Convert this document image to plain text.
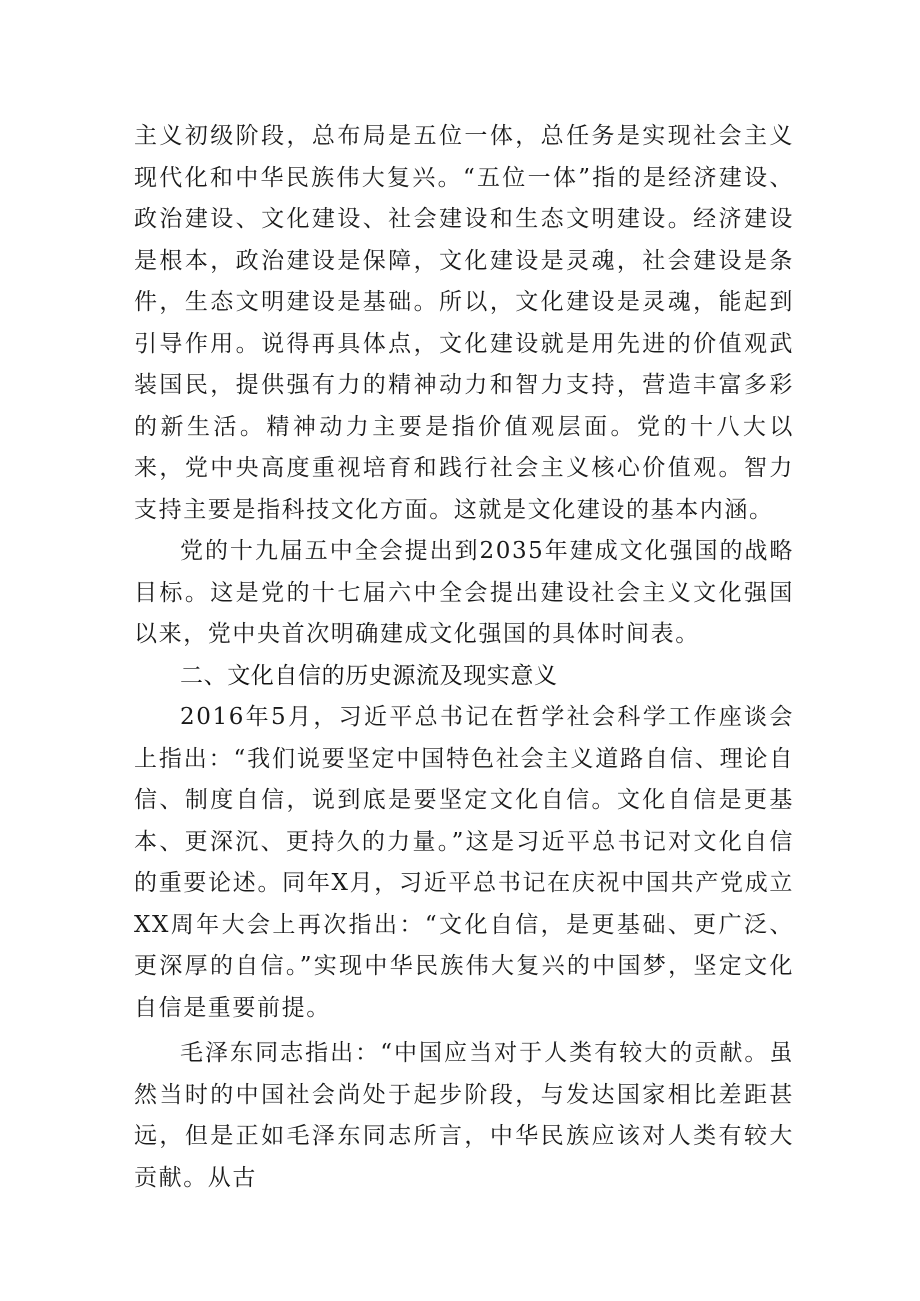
主义初级阶段，总布局是五位一体，总任务是实现社会主义现代化和中华民族伟大复兴。“五位一体”指的是经济建设、政治建设、文化建设、社会建设和生态文明建设。经济建设是根本，政治建设是保障，文化建设是灵魂，社会建设是条件，生态文明建设是基础。所以，文化建设是灵魂，能起到引导作用。说得再具体点，文化建设就是用先进的价值观武装国民，提供强有力的精神动力和智力支持，营造丰富多彩的新生活。精神动力主要是指价值观层面。党的十八大以来，党中央高度重视培育和践行社会主义核心价值观。智力支持主要是指科技文化方面。这就是文化建设的基本内涵。

党的十九届五中全会提出到2035年建成文化强国的战略目标。这是党的十七届六中全会提出建设社会主义文化强国以来，党中央首次明确建成文化强国的具体时间表。

二、文化自信的历史源流及现实意义

2016年5月，习近平总书记在哲学社会科学工作座谈会上指出：“我们说要坚定中国特色社会主义道路自信、理论自信、制度自信，说到底是要坚定文化自信。文化自信是更基本、更深沉、更持久的力量。”这是习近平总书记对文化自信的重要论述。同年X月，习近平总书记在庆祝中国共产党成立XX周年大会上再次指出：“文化自信，是更基础、更广泛、更深厚的自信。”实现中华民族伟大复兴的中国梦，坚定文化自信是重要前提。

毛泽东同志指出：“中国应当对于人类有较大的贡献。虽然当时的中国社会尚处于起步阶段，与发达国家相比差距甚远，但是正如毛泽东同志所言，中华民族应该对人类有较大贡献。从古
